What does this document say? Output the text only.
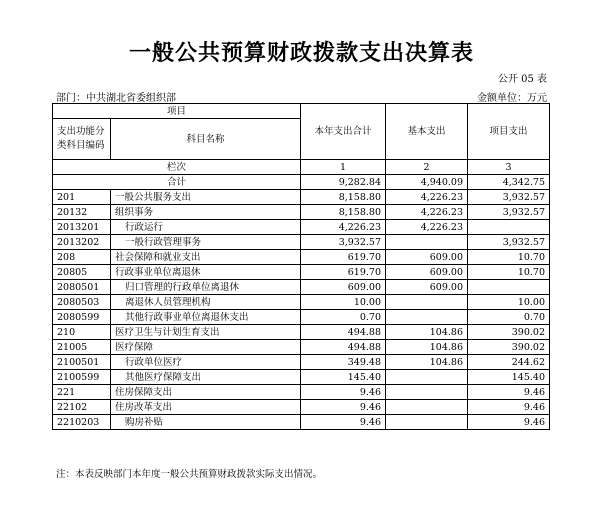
一般公共预算财政拨款支出决算表
公开 05 表
部门：中共湖北省委组织部	金额单位：万元
项目		本年支出合计	基本支出	项目支出
支出功能分类科目编码	科目名称			
栏次		1	2	3
合计		9,282.84	4,940.09	4,342.75
201	一般公共服务支出	8,158.80	4,226.23	3,932.57
20132	组织事务	8,158.80	4,226.23	3,932.57
2013201	行政运行	4,226.23	4,226.23	
2013202	一般行政管理事务	3,932.57		3,932.57
208	社会保障和就业支出	619.70	609.00	10.70
20805	行政事业单位离退休	619.70	609.00	10.70
2080501	归口管理的行政单位离退休	609.00	609.00	
2080503	离退休人员管理机构	10.00		10.00
2080599	其他行政事业单位离退休支出	0.70		0.70
210	医疗卫生与计划生育支出	494.88	104.86	390.02
21005	医疗保障	494.88	104.86	390.02
2100501	行政单位医疗	349.48	104.86	244.62
2100599	其他医疗保障支出	145.40		145.40
221	住房保障支出	9.46		9.46
22102	住房改革支出	9.46		9.46
2210203	购房补贴	9.46		9.46
注：本表反映部门本年度一般公共预算财政拨款实际支出情况。
